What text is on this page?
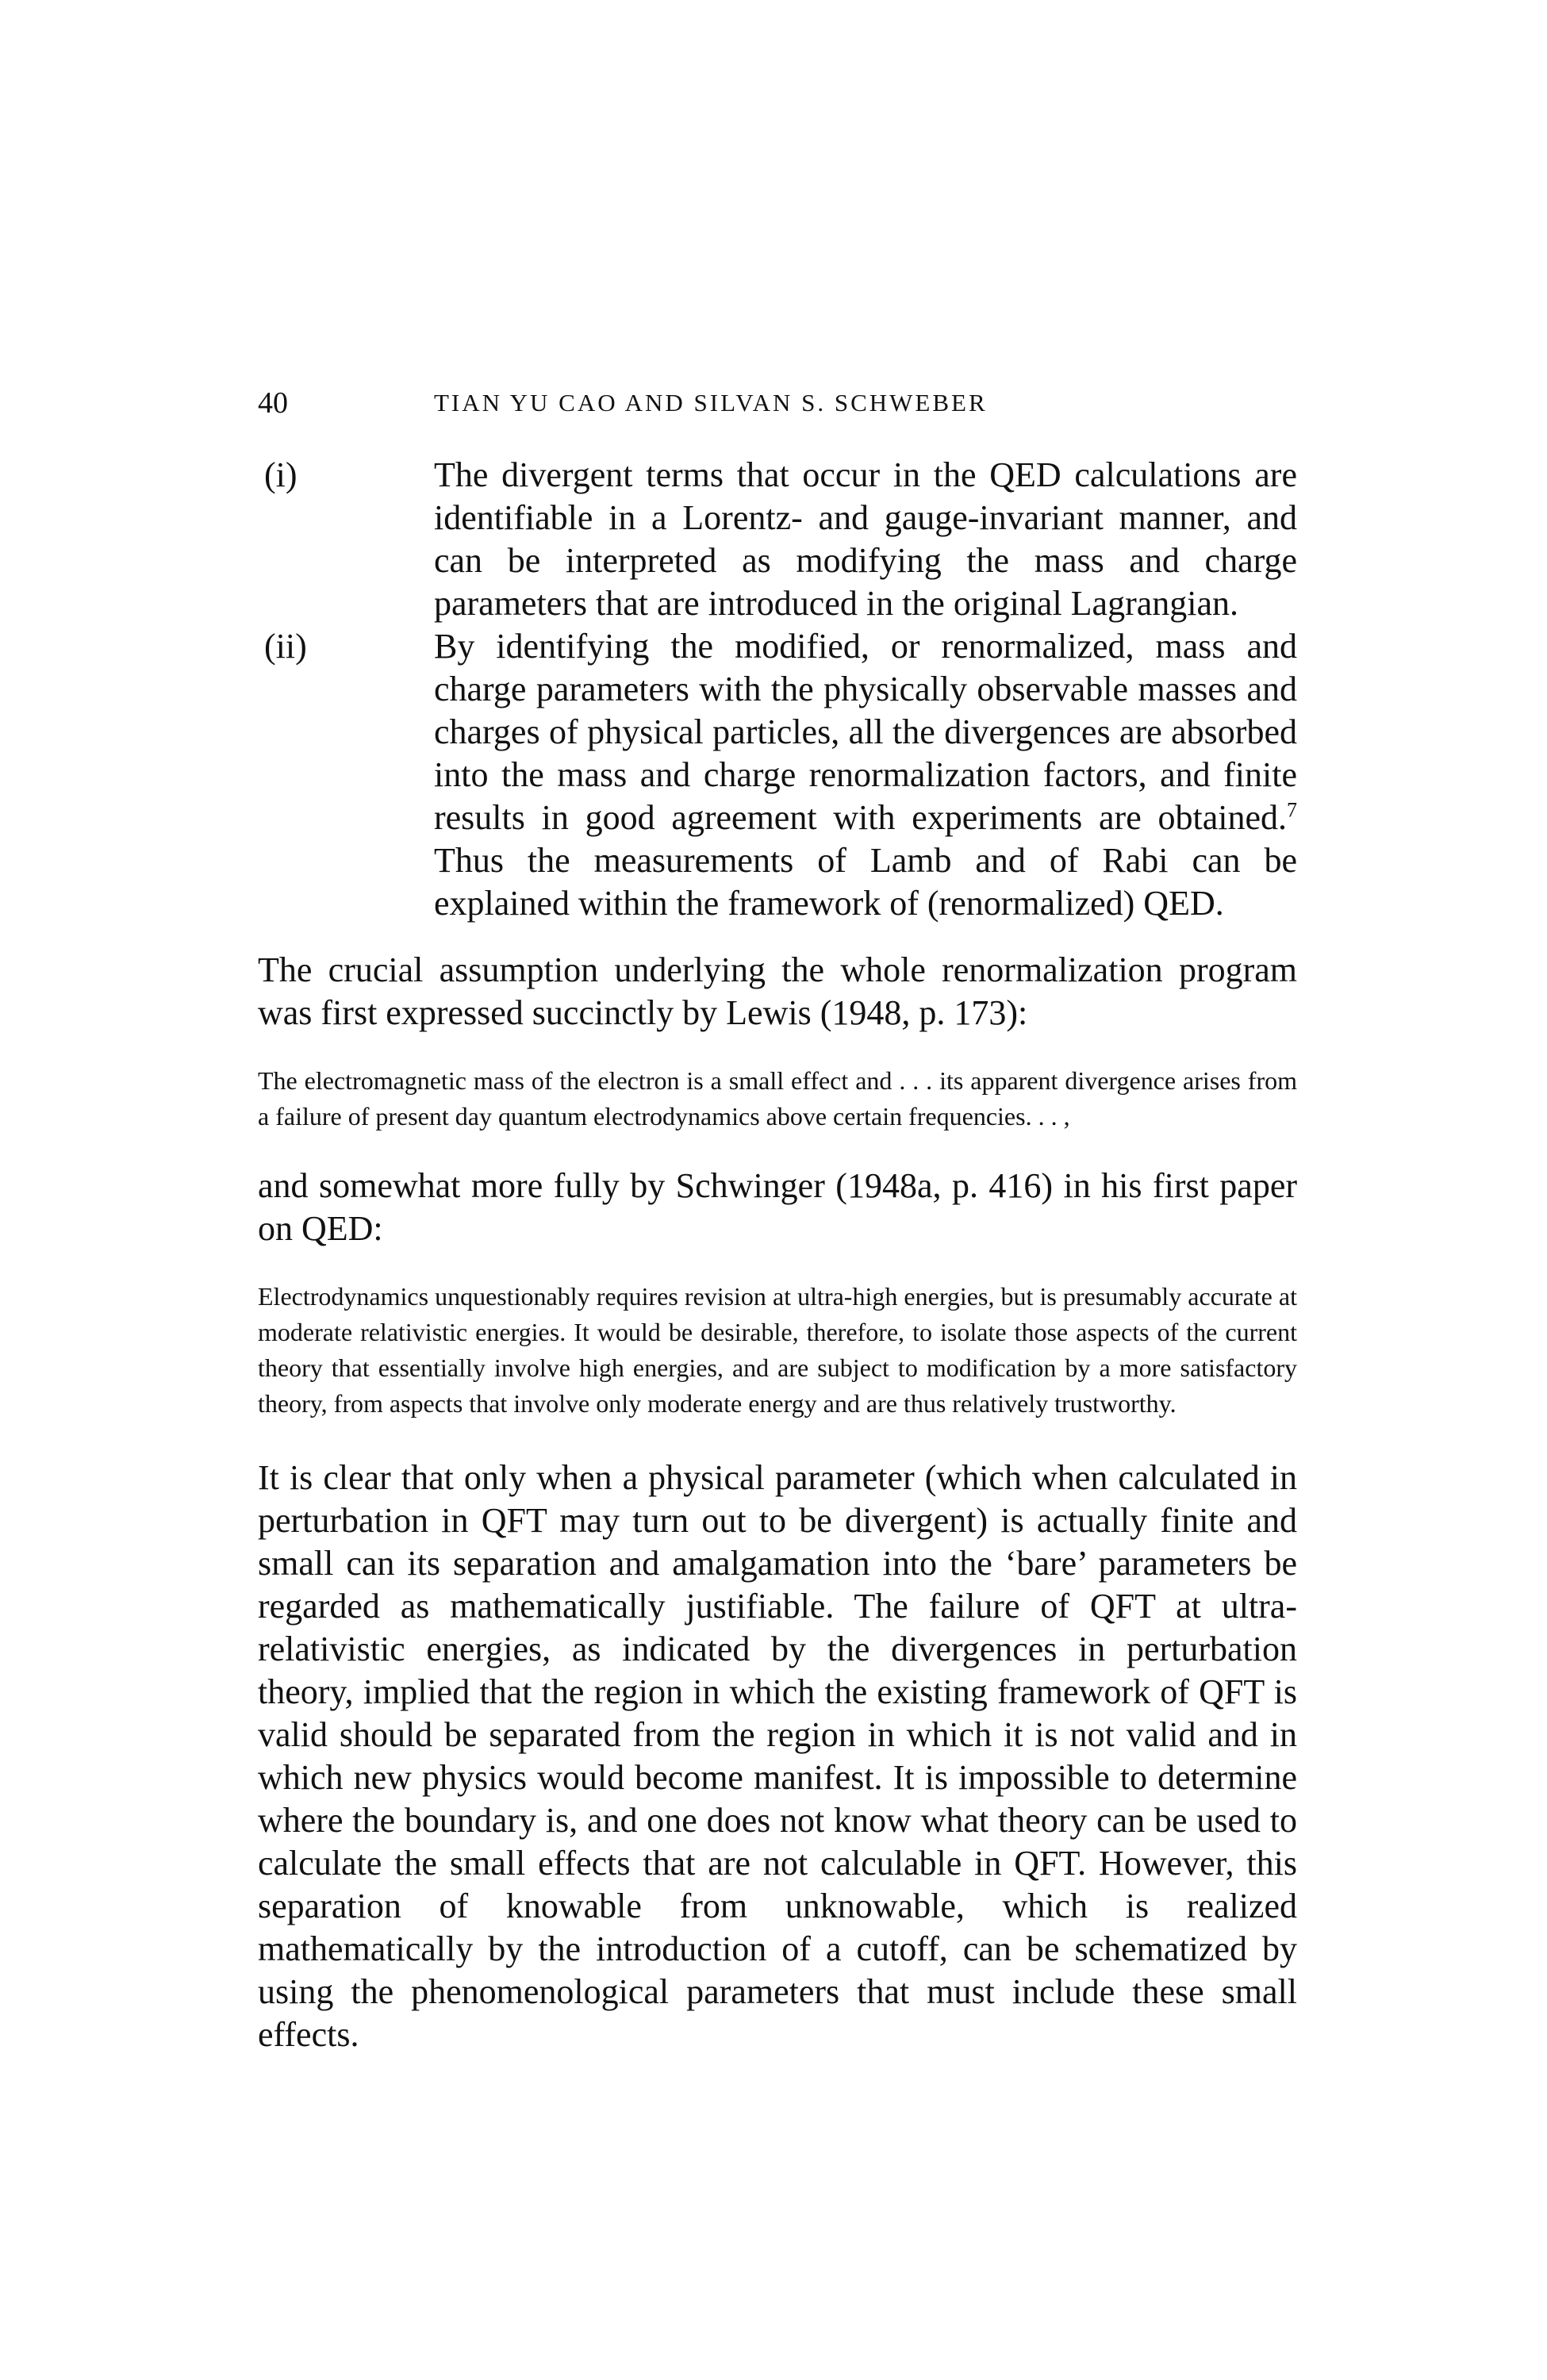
40	TIAN YU CAO AND SILVAN S. SCHWEBER
(i)	The divergent terms that occur in the QED calculations are identifiable in a Lorentz- and gauge-invariant manner, and can be interpreted as modifying the mass and charge parameters that are introduced in the original Lagrangian.
(ii)	By identifying the modified, or renormalized, mass and charge parameters with the physically observable masses and charges of physical particles, all the divergences are absorbed into the mass and charge renormalization factors, and finite results in good agreement with experiments are obtained.$^7$ Thus the measurements of Lamb and of Rabi can be explained within the framework of (renormalized) QED.

The crucial assumption underlying the whole renormalization program was first expressed succinctly by Lewis (1948, p. 173):

The electromagnetic mass of the electron is a small effect and . . . its apparent divergence arises from a failure of present day quantum electrodynamics above certain frequencies. . . ,

and somewhat more fully by Schwinger (1948a, p. 416) in his first paper on QED:

Electrodynamics unquestionably requires revision at ultra-high energies, but is presumably accurate at moderate relativistic energies. It would be desirable, therefore, to isolate those aspects of the current theory that essentially involve high energies, and are subject to modification by a more satisfactory theory, from aspects that involve only moderate energy and are thus relatively trustworthy.

It is clear that only when a physical parameter (which when calculated in perturbation in QFT may turn out to be divergent) is actually finite and small can its separation and amalgamation into the ‘bare’ parameters be regarded as mathematically justifiable. The failure of QFT at ultra-relativistic energies, as indicated by the divergences in perturbation theory, implied that the region in which the existing framework of QFT is valid should be separated from the region in which it is not valid and in which new physics would become manifest. It is impossible to determine where the boundary is, and one does not know what theory can be used to calculate the small effects that are not calculable in QFT. However, this separation of knowable from unknowable, which is realized mathematically by the introduction of a cutoff, can be schematized by using the phenomenological parameters that must include these small effects.
